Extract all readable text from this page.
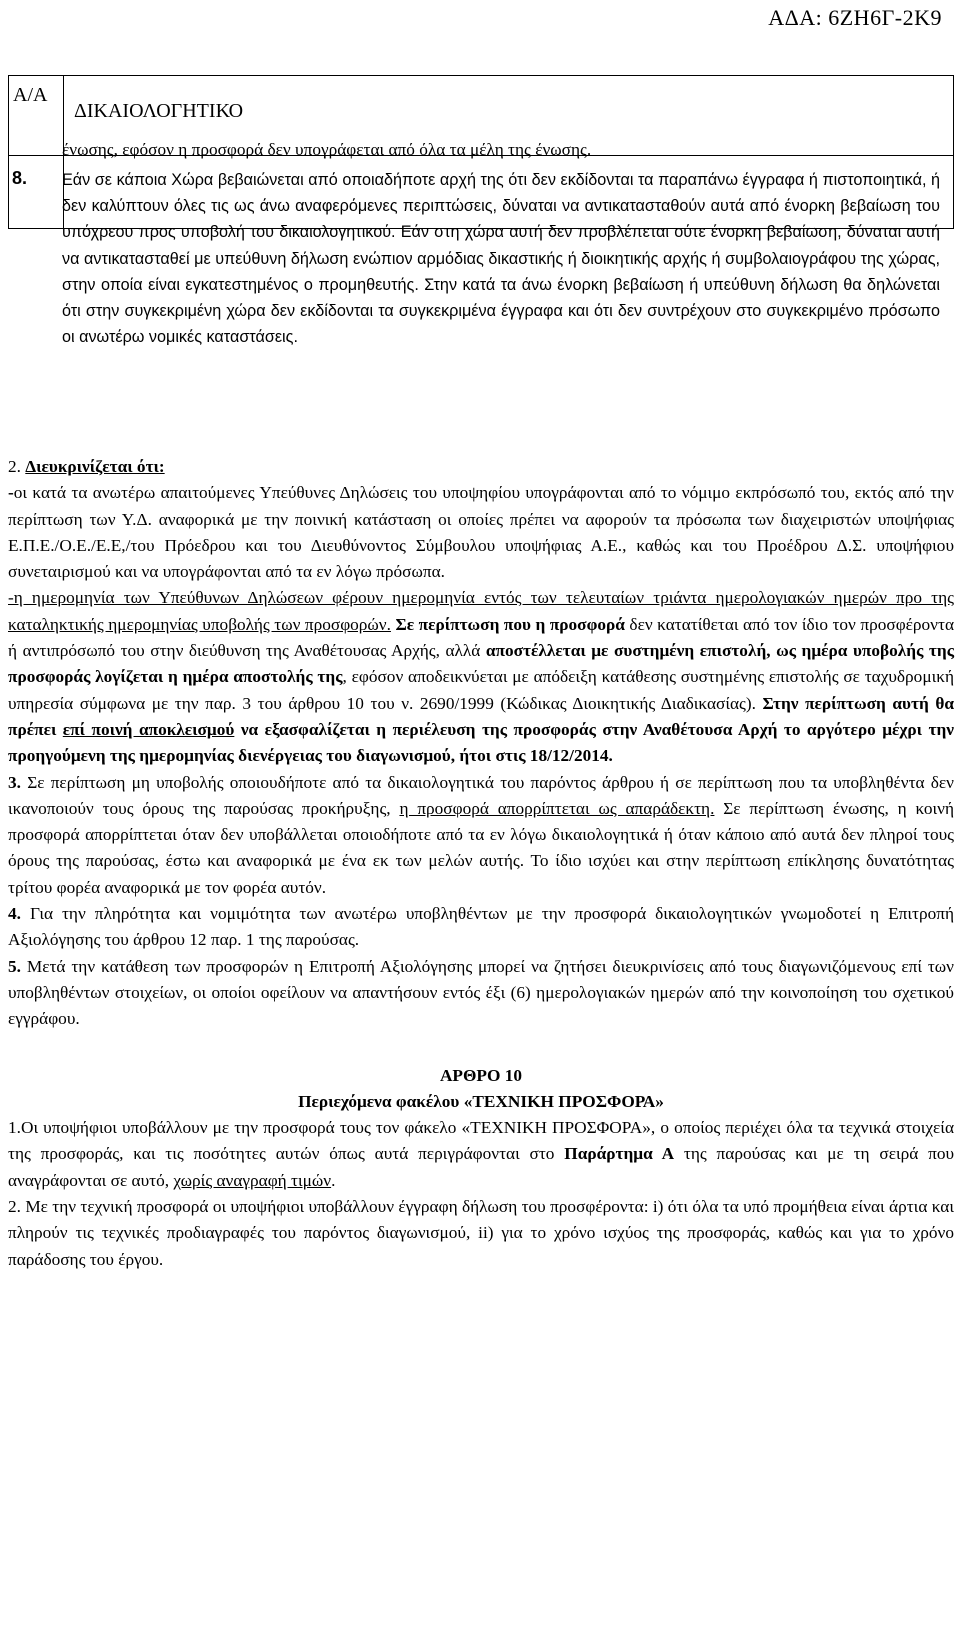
ΑΔΑ: 6ΖΗ6Γ-2Κ9
Α/Α	ΔΙΚΑΙΟΛΟΓΗΤΙΚΟ

ένωσης, εφόσον η προσφορά δεν υπογράφεται από όλα τα μέλη της ένωσης.
8. Εάν σε κάποια Χώρα βεβαιώνεται από οποιαδήποτε αρχή της ότι δεν εκδίδονται τα παραπάνω έγγραφα ή πιστοποιητικά, ή δεν καλύπτουν όλες τις ως άνω αναφερόμενες περιπτώσεις, δύναται να αντικατασταθούν αυτά από ένορκη βεβαίωση του υπόχρεου προς υποβολή του δικαιολογητικού. Εάν στη χώρα αυτή δεν προβλέπεται ούτε ένορκη βεβαίωση, δύναται αυτή να αντικατασταθεί με υπεύθυνη δήλωση ενώπιον αρμόδιας δικαστικής ή διοικητικής αρχής ή συμβολαιογράφου της χώρας, στην οποία είναι εγκατεστημένος ο προμηθευτής. Στην κατά τα άνω ένορκη βεβαίωση ή υπεύθυνη δήλωση θα δηλώνεται ότι στην συγκεκριμένη χώρα δεν εκδίδονται τα συγκεκριμένα έγγραφα και ότι δεν συντρέχουν στο συγκεκριμένο πρόσωπο οι ανωτέρω νομικές καταστάσεις.

2. Διευκρινίζεται ότι:

-οι κατά τα ανωτέρω απαιτούμενες Υπεύθυνες Δηλώσεις του υποψηφίου υπογράφονται από το νόμιμο εκπρόσωπό του, εκτός από την περίπτωση των Υ.Δ. αναφορικά με την ποινική κατάσταση οι οποίες πρέπει να αφορούν τα πρόσωπα των διαχειριστών υποψήφιας Ε.Π.Ε./Ο.Ε./Ε.Ε,/του Πρόεδρου και του Διευθύνοντος Σύμβουλου υποψήφιας Α.Ε., καθώς και του Προέδρου Δ.Σ. υποψήφιου συνεταιρισμού και να υπογράφονται από τα εν λόγω πρόσωπα.

-η ημερομηνία των Υπεύθυνων Δηλώσεων φέρουν ημερομηνία εντός των τελευταίων τριάντα ημερολογιακών ημερών προ της καταληκτικής ημερομηνίας υποβολής των προσφορών. Σε περίπτωση που η προσφορά δεν κατατίθεται από τον ίδιο τον προσφέροντα ή αντιπρόσωπό του στην διεύθυνση της Αναθέτουσας Αρχής, αλλά αποστέλλεται με συστημένη επιστολή, ως ημέρα υποβολής της προσφοράς λογίζεται η ημέρα αποστολής της, εφόσον αποδεικνύεται με απόδειξη κατάθεσης συστημένης επιστολής σε ταχυδρομική υπηρεσία σύμφωνα με την παρ. 3 του άρθρου 10 του ν. 2690/1999 (Κώδικας Διοικητικής Διαδικασίας). Στην περίπτωση αυτή θα πρέπει επί ποινή αποκλεισμού να εξασφαλίζεται η περιέλευση της προσφοράς στην Αναθέτουσα Αρχή το αργότερο μέχρι την προηγούμενη της ημερομηνίας διενέργειας του διαγωνισμού, ήτοι στις 18/12/2014.

3. Σε περίπτωση μη υποβολής οποιουδήποτε από τα δικαιολογητικά του παρόντος άρθρου ή σε περίπτωση που τα υποβληθέντα δεν ικανοποιούν τους όρους της παρούσας προκήρυξης, η προσφορά απορρίπτεται ως απαράδεκτη. Σε περίπτωση ένωσης, η κοινή προσφορά απορρίπτεται όταν δεν υποβάλλεται οποιοδήποτε από τα εν λόγω δικαιολογητικά ή όταν κάποιο από αυτά δεν πληροί τους όρους της παρούσας, έστω και αναφορικά με ένα εκ των μελών αυτής. Το ίδιο ισχύει και στην περίπτωση επίκλησης δυνατότητας τρίτου φορέα αναφορικά με τον φορέα αυτόν.

4. Για την πληρότητα και νομιμότητα των ανωτέρω υποβληθέντων με την προσφορά δικαιολογητικών γνωμοδοτεί η Επιτροπή Αξιολόγησης του άρθρου 12 παρ. 1 της παρούσας.

5. Μετά την κατάθεση των προσφορών η Επιτροπή Αξιολόγησης μπορεί να ζητήσει διευκρινίσεις από τους διαγωνιζόμενους επί των υποβληθέντων στοιχείων, οι οποίοι οφείλουν να απαντήσουν εντός έξι (6) ημερολογιακών ημερών από την κοινοποίηση του σχετικού εγγράφου.

ΑΡΘΡΟ 10

Περιεχόμενα φακέλου «ΤΕΧΝΙΚΗ ΠΡΟΣΦΟΡΑ»

1.Οι υποψήφιοι υποβάλλουν με την προσφορά τους τον φάκελο «ΤΕΧΝΙΚΗ ΠΡΟΣΦΟΡΑ», ο οποίος περιέχει όλα τα τεχνικά στοιχεία της προσφοράς, και τις ποσότητες αυτών όπως αυτά περιγράφονται στο Παράρτημα Α της παρούσας και με τη σειρά που αναγράφονται σε αυτό, χωρίς αναγραφή τιμών.

2. Με την τεχνική προσφορά οι υποψήφιοι υποβάλλουν έγγραφη δήλωση του προσφέροντα: i) ότι όλα τα υπό προμήθεια είναι άρτια και πληρούν τις τεχνικές προδιαγραφές του παρόντος διαγωνισμού, ii) για το χρόνο ισχύος της προσφοράς, καθώς και για το χρόνο παράδοσης του έργου.
